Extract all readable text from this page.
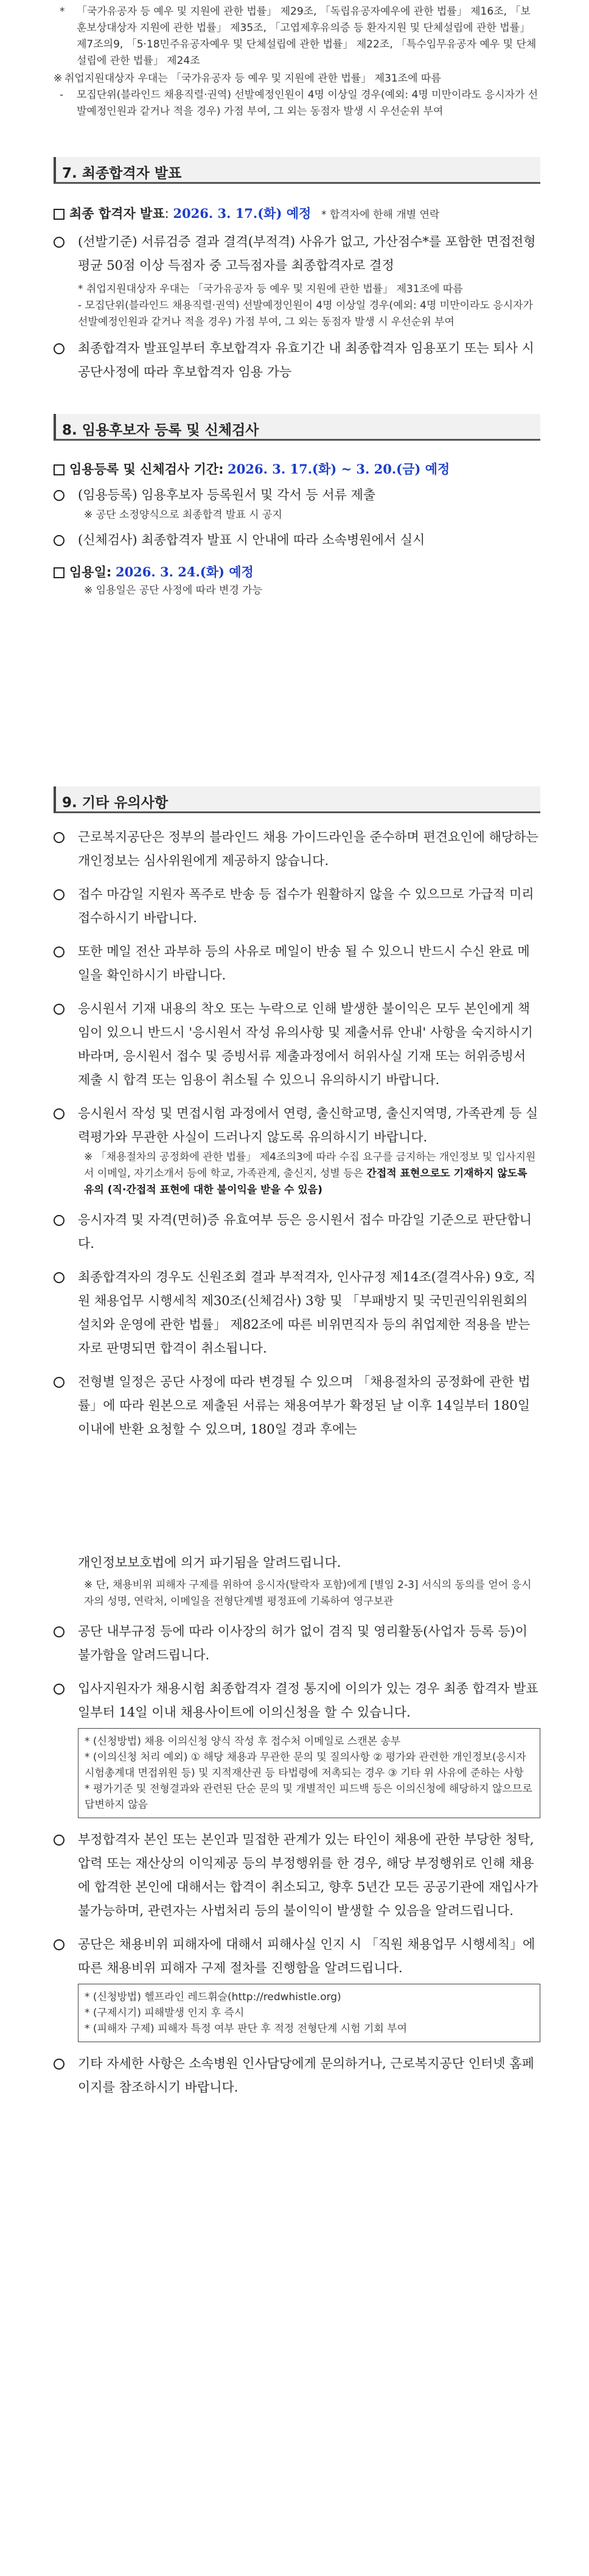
* 「국가유공자 등 예우 및 지원에 관한 법률」 제29조, 「독립유공자예우에 관한 법률」 제16조, 「보훈보상대상자 지원에 관한 법률」 제35조, 「고엽제후유의증 등 환자지원 및 단체설립에 관한 법률」 제7조의9, 「5·18민주유공자예우 및 단체설립에 관한 법률」 제22조, 「특수임무유공자 예우 및 단체설립에 관한 법률」 제24조
※ 취업지원대상자 우대는 「국가유공자 등 예우 및 지원에 관한 법률」 제31조에 따름
- 모집단위(블라인드 채용직렬·권역) 선발예정인원이 4명 이상일 경우(예외: 4명 미만이라도 응시자가 선발예정인원과 같거나 적을 경우) 가점 부여, 그 외는 동점자 발생 시 우선순위 부여
7. 최종합격자 발표
최종 합격자 발표: 2026. 3. 17.(화) 예정 * 합격자에 한해 개별 연락
(선발기준) 서류검증 결과 결격(부적격) 사유가 없고, 가산점수*를 포함한 면접전형 평균 50점 이상 득점자 중 고득점자를 최종합격자로 결정
* 취업지원대상자 우대는 「국가유공자 등 예우 및 지원에 관한 법률」 제31조에 따름
- 모집단위(블라인드 채용직렬·권역) 선발예정인원이 4명 이상일 경우(예외: 4명 미만이라도 응시자가 선발예정인원과 같거나 적을 경우) 가점 부여, 그 외는 동점자 발생 시 우선순위 부여
최종합격자 발표일부터 후보합격자 유효기간 내 최종합격자 임용포기 또는 퇴사 시 공단사정에 따라 후보합격자 임용 가능
8. 임용후보자 등록 및 신체검사
임용등록 및 신체검사 기간: 2026. 3. 17.(화) ~ 3. 20.(금) 예정
(임용등록) 임용후보자 등록원서 및 각서 등 서류 제출
※ 공단 소정양식으로 최종합격 발표 시 공지
(신체검사) 최종합격자 발표 시 안내에 따라 소속병원에서 실시
임용일: 2026. 3. 24.(화) 예정
※ 임용일은 공단 사정에 따라 변경 가능
9. 기타 유의사항
근로복지공단은 정부의 블라인드 채용 가이드라인을 준수하며 편견요인에 해당하는 개인정보는 심사위원에게 제공하지 않습니다.
접수 마감일 지원자 폭주로 반송 등 접수가 원활하지 않을 수 있으므로 가급적 미리 접수하시기 바랍니다.
또한 메일 전산 과부하 등의 사유로 메일이 반송 될 수 있으니 반드시 수신 완료 메일을 확인하시기 바랍니다.
응시원서 기재 내용의 착오 또는 누락으로 인해 발생한 불이익은 모두 본인에게 책임이 있으니 반드시 '응시원서 작성 유의사항 및 제출서류 안내' 사항을 숙지하시기 바라며, 응시원서 접수 및 증빙서류 제출과정에서 허위사실 기재 또는 허위증빙서 제출 시 합격 또는 임용이 취소될 수 있으니 유의하시기 바랍니다.
응시원서 작성 및 면접시험 과정에서 연령, 출신학교명, 출신지역명, 가족관계 등 실력평가와 무관한 사실이 드러나지 않도록 유의하시기 바랍니다.
※ 「채용절차의 공정화에 관한 법률」 제4조의3에 따라 수집 요구를 금지하는 개인정보 및 입사지원서 이메일, 자기소개서 등에 학교, 가족관계, 출신지, 성별 등은 간접적 표현으로도 기재하지 않도록 유의 (직·간접적 표현에 대한 불이익을 받을 수 있음)
응시자격 및 자격(면허)증 유효여부 등은 응시원서 접수 마감일 기준으로 판단합니다.
최종합격자의 경우도 신원조회 결과 부적격자, 인사규정 제14조(결격사유) 9호, 직원 채용업무 시행세칙 제30조(신체검사) 3항 및 「부패방지 및 국민권익위원회의 설치와 운영에 관한 법률」 제82조에 따른 비위면직자 등의 취업제한 적용을 받는 자로 판명되면 합격이 취소됩니다.
전형별 일정은 공단 사정에 따라 변경될 수 있으며 「채용절차의 공정화에 관한 법률」에 따라 원본으로 제출된 서류는 채용여부가 확정된 날 이후 14일부터 180일 이내에 반환 요청할 수 있으며, 180일 경과 후에는
개인정보보호법에 의거 파기됨을 알려드립니다.
※ 단, 채용비위 피해자 구제를 위하여 응시자(탈락자 포함)에게 [별임 2-3] 서식의 동의를 얻어 응시자의 성명, 연락처, 이메일을 전형단계별 평정표에 기록하여 영구보관
공단 내부규정 등에 따라 이사장의 허가 없이 겸직 및 영리활동(사업자 등록 등)이 불가함을 알려드립니다.
입사지원자가 채용시험 최종합격자 결정 통지에 이의가 있는 경우 최종 합격자 발표일부터 14일 이내 채용사이트에 이의신청을 할 수 있습니다.
* (신청방법) 채용 이의신청 양식 작성 후 접수처 이메일로 스캔본 송부
* (이의신청 처리 예외) ① 해당 채용과 무관한 문의 및 질의사항 ② 평가와 관련한 개인정보(응시자 시험총계대 면접위원 등) 및 지적재산권 등 타법령에 저촉되는 경우 ③ 기타 위 사유에 준하는 사항
* 평가기준 및 전형결과와 관련된 단순 문의 및 개별적인 피드백 등은 이의신청에 해당하지 않으므로 답변하지 않음
부정합격자 본인 또는 본인과 밀접한 관계가 있는 타인이 채용에 관한 부당한 청탁, 압력 또는 재산상의 이익제공 등의 부정행위를 한 경우, 해당 부정행위로 인해 채용에 합격한 본인에 대해서는 합격이 취소되고, 향후 5년간 모든 공공기관에 재입사가 불가능하며, 관련자는 사법처리 등의 불이익이 발생할 수 있음을 알려드립니다.
공단은 채용비위 피해자에 대해서 피해사실 인지 시 「직원 채용업무 시행세칙」에 따른 채용비위 피해자 구제 절차를 진행함을 알려드립니다.
* (신청방법) 헬프라인 레드휘슬(http://redwhistle.org)
* (구제시기) 피해발생 인지 후 즉시
* (피해자 구제) 피해자 특정 여부 판단 후 적정 전형단계 시험 기회 부여
기타 자세한 사항은 소속병원 인사담당에게 문의하거나, 근로복지공단 인터넷 홈페이지를 참조하시기 바랍니다.
